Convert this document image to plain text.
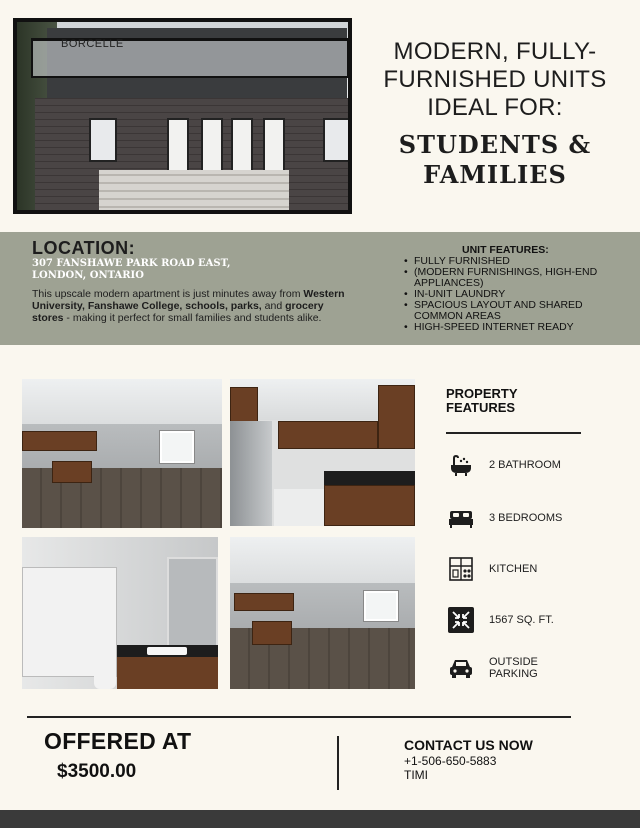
BORCELLE	MODERN, FULLY-
FURNISHED UNITS
IDEAL FOR:
STUDENTS &
FAMILIES
LOCATION:
307 FANSHAWE PARK ROAD EAST,
LONDON, ONTARIO
This upscale modern apartment is just minutes away from Western University, Fanshawe College, schools, parks, and grocery stores - making it perfect for small families and students alike.
UNIT FEATURES:
• FULLY FURNISHED
• (MODERN FURNISHINGS, HIGH-END APPLIANCES)
• IN-UNIT LAUNDRY
• SPACIOUS LAYOUT AND SHARED COMMON AREAS
• HIGH-SPEED INTERNET READY
PROPERTY
FEATURES
2 BATHROOM
3 BEDROOMS
KITCHEN
1567 SQ. FT.
OUTSIDE
PARKING
OFFERED AT
$3500.00
CONTACT US NOW
+1-506-650-5883
TIMI
